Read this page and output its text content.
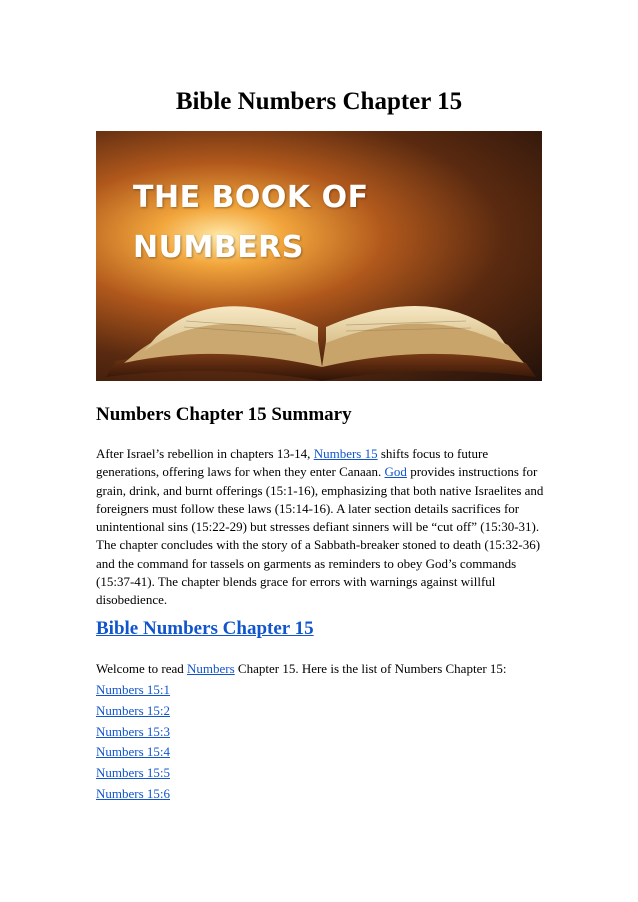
Bible Numbers Chapter 15
THE BOOK OF
NUMBERS
Numbers Chapter 15 Summary

After Israel’s rebellion in chapters 13-14, Numbers 15 shifts focus to future generations, offering laws for when they enter Canaan. God provides instructions for grain, drink, and burnt offerings (15:1-16), emphasizing that both native Israelites and foreigners must follow these laws (15:14-16). A later section details sacrifices for unintentional sins (15:22-29) but stresses defiant sinners will be “cut off” (15:30-31). The chapter concludes with the story of a Sabbath-breaker stoned to death (15:32-36) and the command for tassels on garments as reminders to obey God’s commands (15:37-41). The chapter blends grace for errors with warnings against willful disobedience.

Bible Numbers Chapter 15

Welcome to read Numbers Chapter 15. Here is the list of Numbers Chapter 15:

Numbers 15:1
Numbers 15:2
Numbers 15:3
Numbers 15:4
Numbers 15:5
Numbers 15:6
